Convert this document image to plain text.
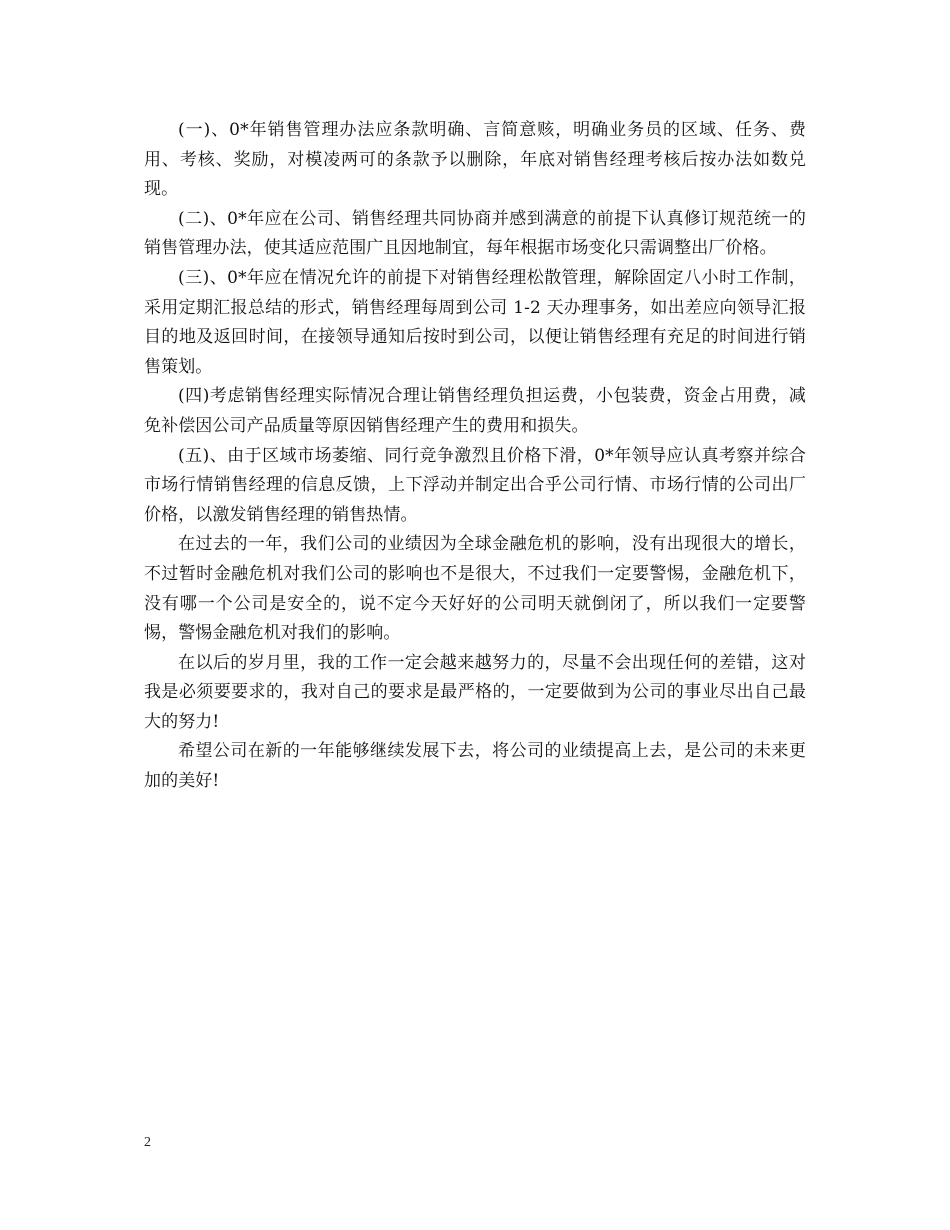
(一)、0*年销售管理办法应条款明确、言简意赅，明确业务员的区域、任务、费用、考核、奖励，对模凌两可的条款予以删除，年底对销售经理考核后按办法如数兑现。

(二)、0*年应在公司、销售经理共同协商并感到满意的前提下认真修订规范统一的销售管理办法，使其适应范围广且因地制宜，每年根据市场变化只需调整出厂价格。

(三)、0*年应在情况允许的前提下对销售经理松散管理，解除固定八小时工作制，采用定期汇报总结的形式，销售经理每周到公司 1-2 天办理事务，如出差应向领导汇报目的地及返回时间，在接领导通知后按时到公司，以便让销售经理有充足的时间进行销售策划。

(四)考虑销售经理实际情况合理让销售经理负担运费，小包装费，资金占用费，减免补偿因公司产品质量等原因销售经理产生的费用和损失。

(五)、由于区域市场萎缩、同行竞争激烈且价格下滑，0*年领导应认真考察并综合市场行情销售经理的信息反馈，上下浮动并制定出合乎公司行情、市场行情的公司出厂价格，以激发销售经理的销售热情。

在过去的一年，我们公司的业绩因为全球金融危机的影响，没有出现很大的增长，不过暂时金融危机对我们公司的影响也不是很大，不过我们一定要警惕，金融危机下，没有哪一个公司是安全的，说不定今天好好的公司明天就倒闭了，所以我们一定要警惕，警惕金融危机对我们的影响。

在以后的岁月里，我的工作一定会越来越努力的，尽量不会出现任何的差错，这对我是必须要要求的，我对自己的要求是最严格的，一定要做到为公司的事业尽出自己最大的努力!

希望公司在新的一年能够继续发展下去，将公司的业绩提高上去，是公司的未来更加的美好!

2
